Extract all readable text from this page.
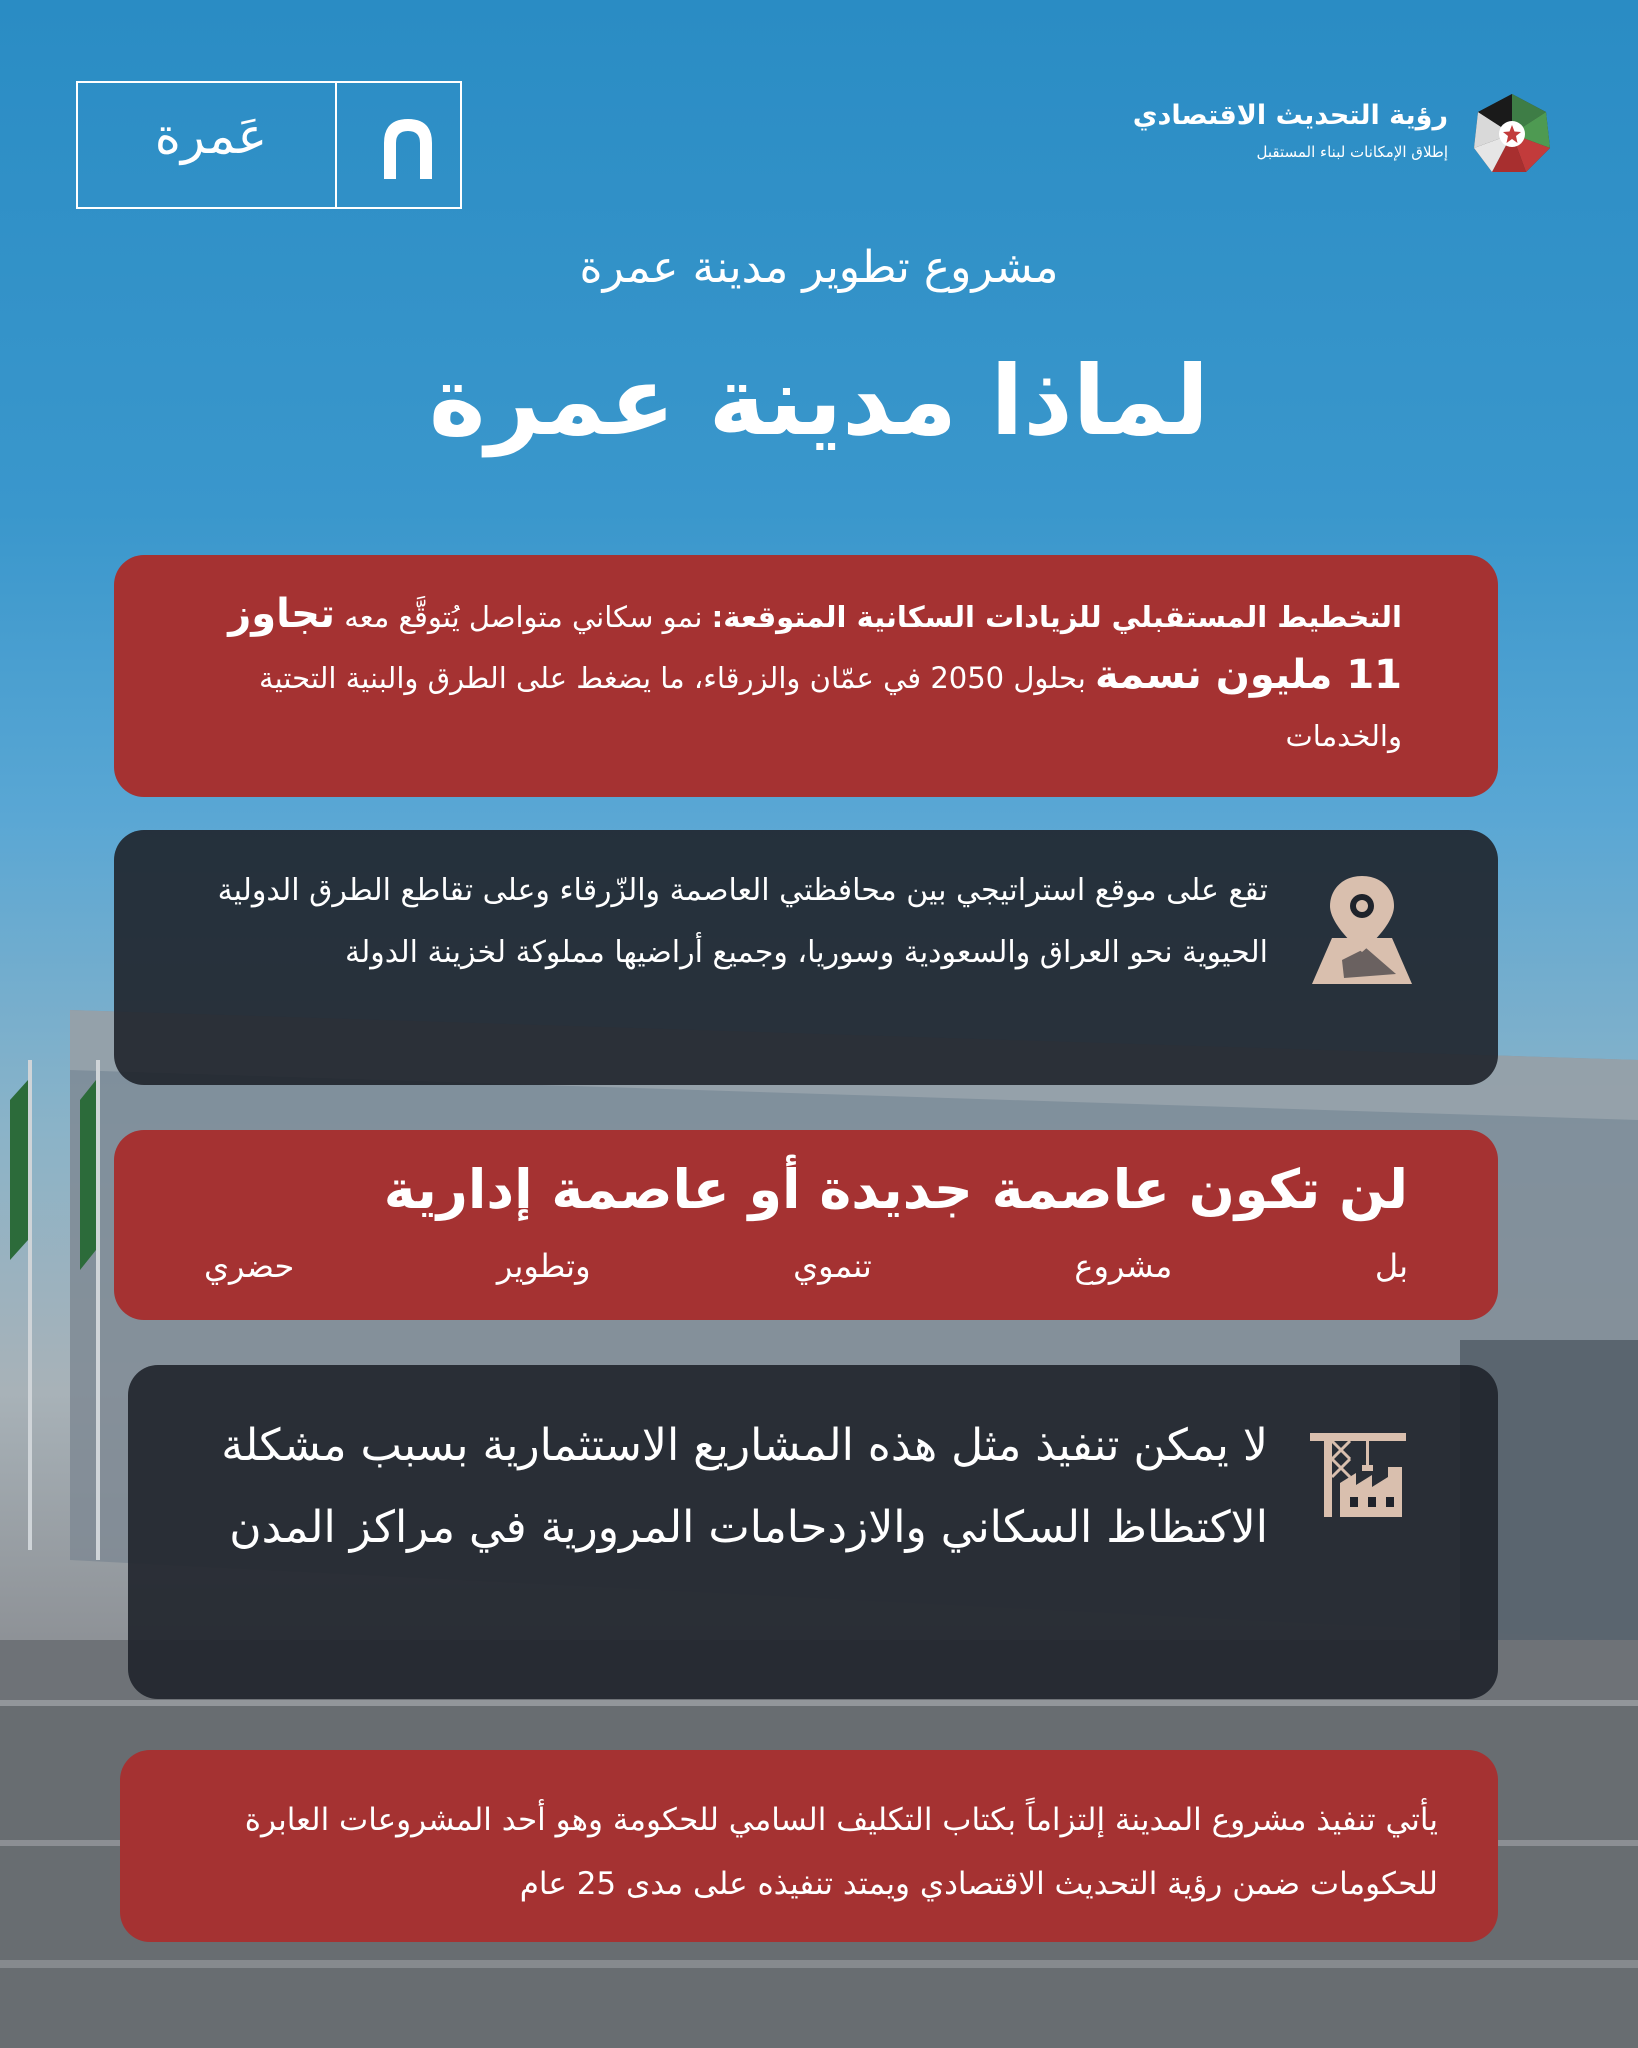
عَمرة	رؤية التحديث الاقتصادي
إطلاق الإمكانات لبناء المستقبل
مشروع تطوير مدينة عمرة
لماذا مدينة عمرة
التخطيط المستقبلي للزيادات السكانية المتوقعة: نمو سكاني متواصل يُتوقَّع معه تجاوز 11 مليون نسمة بحلول 2050 في عمّان والزرقاء، ما يضغط على الطرق والبنية التحتية والخدمات
تقع على موقع استراتيجي بين محافظتي العاصمة والزّرقاء وعلى تقاطع الطرق الدولية الحيوية نحو العراق والسعودية وسوريا، وجميع أراضيها مملوكة لخزينة الدولة
لن تكون عاصمة جديدة أو عاصمة إدارية
بل مشروع تنموي وتطوير حضري
لا يمكن تنفيذ مثل هذه المشاريع الاستثمارية بسبب مشكلة الاكتظاظ السكاني والازدحامات المرورية في مراكز المدن
يأتي تنفيذ مشروع المدينة إلتزاماً بكتاب التكليف السامي للحكومة وهو أحد المشروعات العابرة للحكومات ضمن رؤية التحديث الاقتصادي ويمتد تنفيذه على مدى 25 عام
